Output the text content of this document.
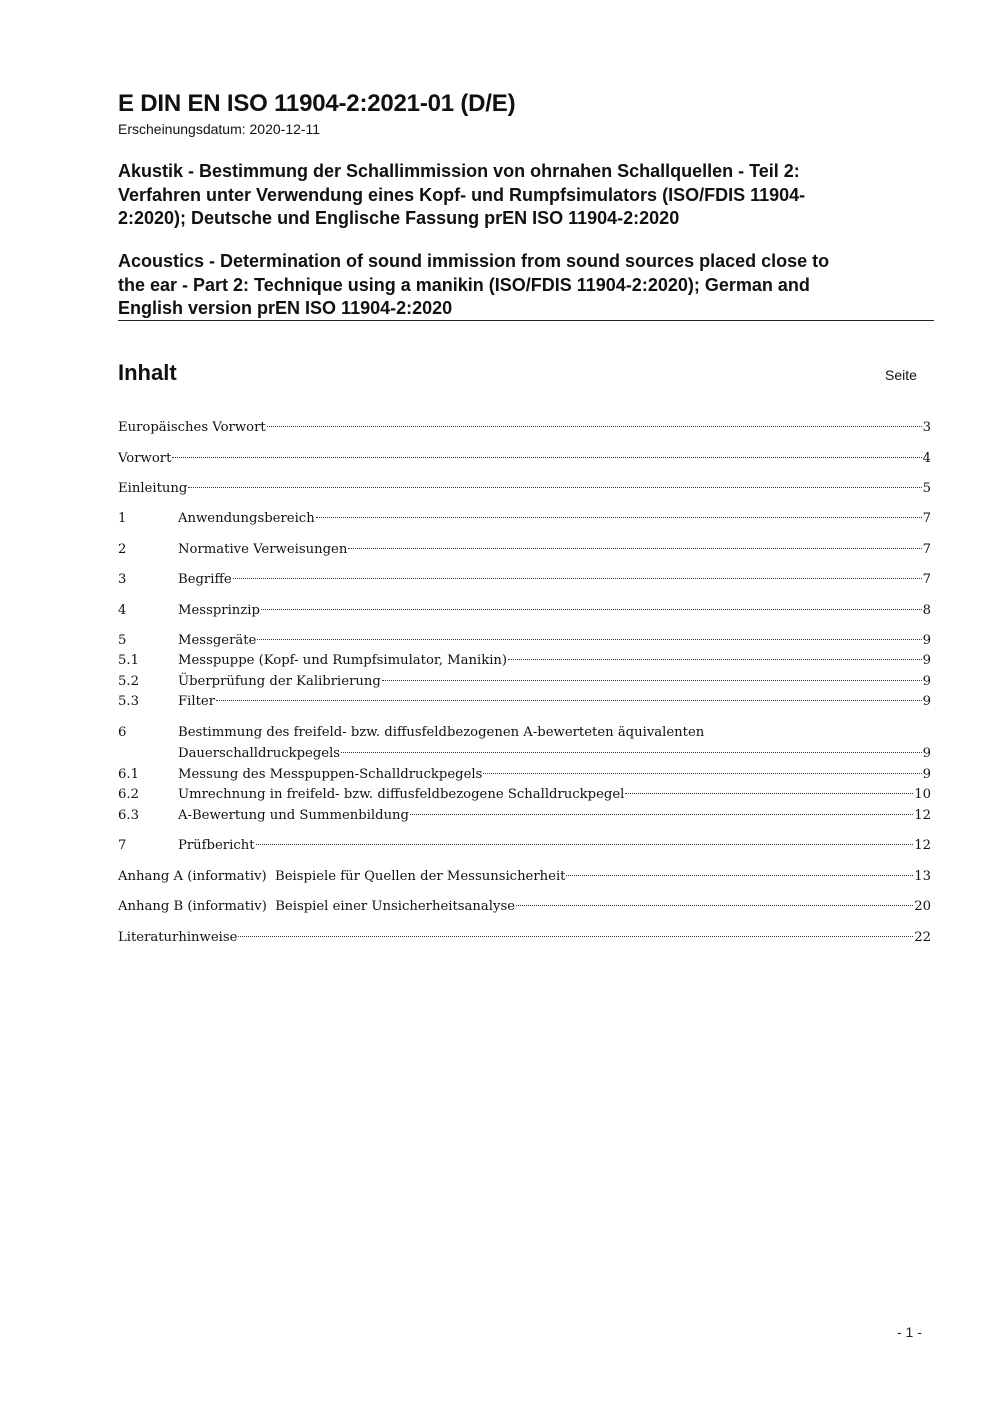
E DIN EN ISO 11904-2:2021-01 (D/E)

Erscheinungsdatum: 2020-12-11

Akustik - Bestimmung der Schallimmission von ohrnahen Schallquellen - Teil 2:
Verfahren unter Verwendung eines Kopf- und Rumpfsimulators (ISO/FDIS 11904-
2:2020); Deutsche und Englische Fassung prEN ISO 11904-2:2020
Acoustics - Determination of sound immission from sound sources placed close to
the ear - Part 2: Technique using a manikin (ISO/FDIS 11904-2:2020); German and
English version prEN ISO 11904-2:2020
Inhalt	Seite

Europäisches Vorwort	3
Vorwort	4
Einleitung	5
1	Anwendungsbereich	7
2	Normative Verweisungen	7
3	Begriffe	7
4	Messprinzip	8
5	Messgeräte	9
5.1	Messpuppe (Kopf- und Rumpfsimulator, Manikin)	9
5.2	Überprüfung der Kalibrierung	9
5.3	Filter	9
6	Bestimmung des freifeld- bzw. diffusfeldbezogenen A-bewerteten äquivalenten
Dauerschalldruckpegels	9
6.1	Messung des Messpuppen-Schalldruckpegels	9
6.2	Umrechnung in freifeld- bzw. diffusfeldbezogene Schalldruckpegel	10
6.3	A-Bewertung und Summenbildung	12
7	Prüfbericht	12
Anhang A (informativ)  Beispiele für Quellen der Messunsicherheit	13
Anhang B (informativ)  Beispiel einer Unsicherheitsanalyse	20
Literaturhinweise	22

- 1 -
